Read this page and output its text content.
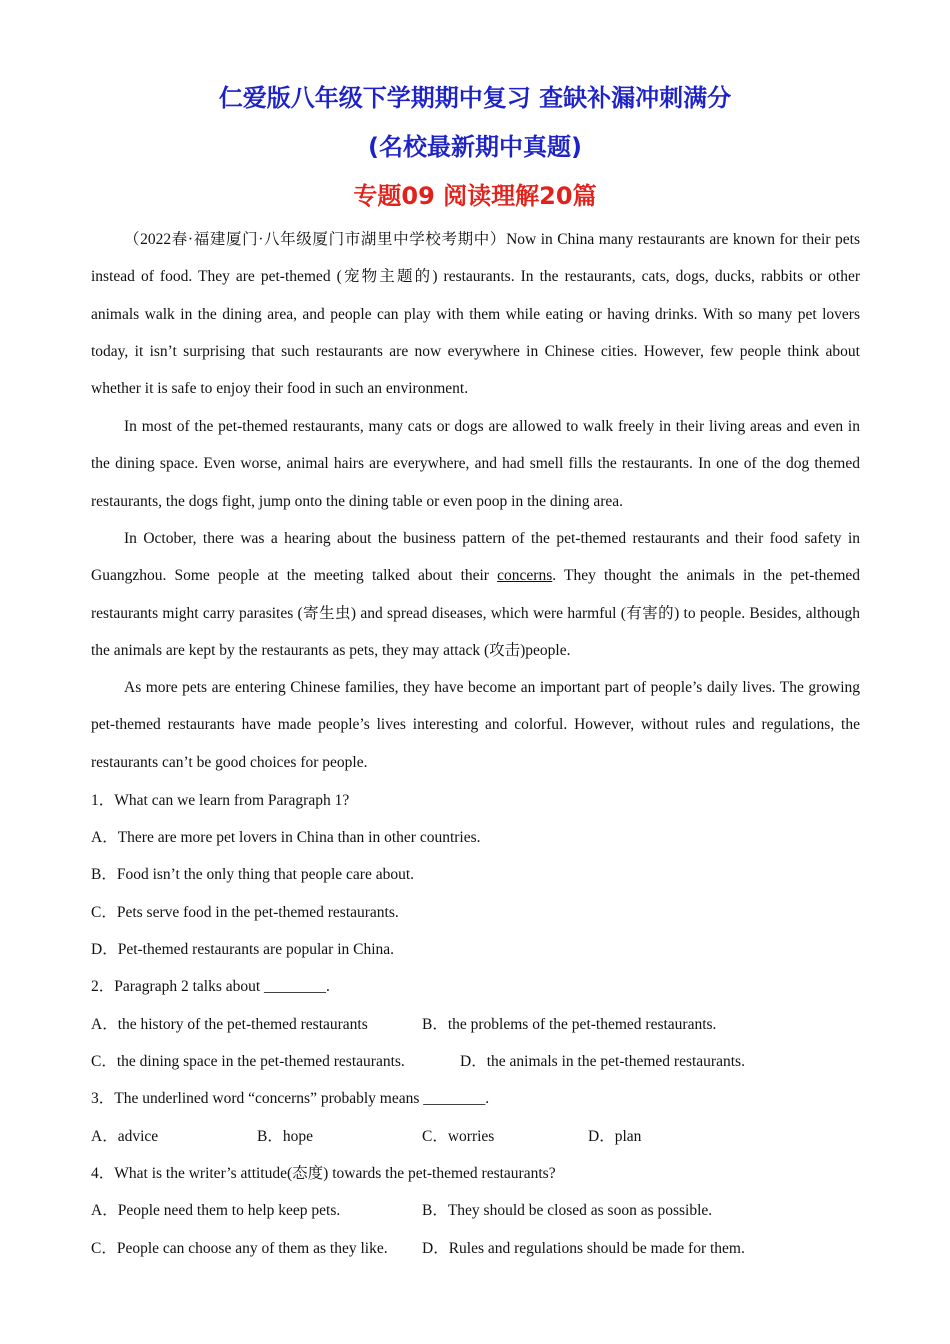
仁爱版八年级下学期期中复习 查缺补漏冲刺满分
(名校最新期中真题)
专题09 阅读理解20篇
（2022春·福建厦门·八年级厦门市湖里中学校考期中）Now in China many restaurants are known for their pets instead of food. They are pet-themed (宠物主题的) restaurants. In the restaurants, cats, dogs, ducks, rabbits or other animals walk in the dining area, and people can play with them while eating or having drinks. With so many pet lovers today, it isn’t surprising that such restaurants are now everywhere in Chinese cities. However, few people think about whether it is safe to enjoy their food in such an environment.
In most of the pet-themed restaurants, many cats or dogs are allowed to walk freely in their living areas and even in the dining space. Even worse, animal hairs are everywhere, and had smell fills the restaurants. In one of the dog themed restaurants, the dogs fight, jump onto the dining table or even poop in the dining area.
In October, there was a hearing about the business pattern of the pet-themed restaurants and their food safety in Guangzhou. Some people at the meeting talked about their concerns. They thought the animals in the pet-themed restaurants might carry parasites (寄生虫) and spread diseases, which were harmful (有害的) to people. Besides, although the animals are kept by the restaurants as pets, they may attack (攻击)people.
As more pets are entering Chinese families, they have become an important part of people’s daily lives. The growing pet-themed restaurants have made people’s lives interesting and colorful. However, without rules and regulations, the restaurants can’t be good choices for people.
1．What can we learn from Paragraph 1?
A．There are more pet lovers in China than in other countries.
B．Food isn’t the only thing that people care about.
C．Pets serve food in the pet-themed restaurants.
D．Pet-themed restaurants are popular in China.
2．Paragraph 2 talks about ________.
A．the history of the pet-themed restaurants	B．the problems of the pet-themed restaurants.
C．the dining space in the pet-themed restaurants.	D．the animals in the pet-themed restaurants.
3．The underlined word “concerns” probably means ________.
A．advice	B．hope	C．worries	D．plan
4．What is the writer’s attitude(态度) towards the pet-themed restaurants?
A．People need them to help keep pets.	B．They should be closed as soon as possible.
C．People can choose any of them as they like. D．Rules and regulations should be made for them.
